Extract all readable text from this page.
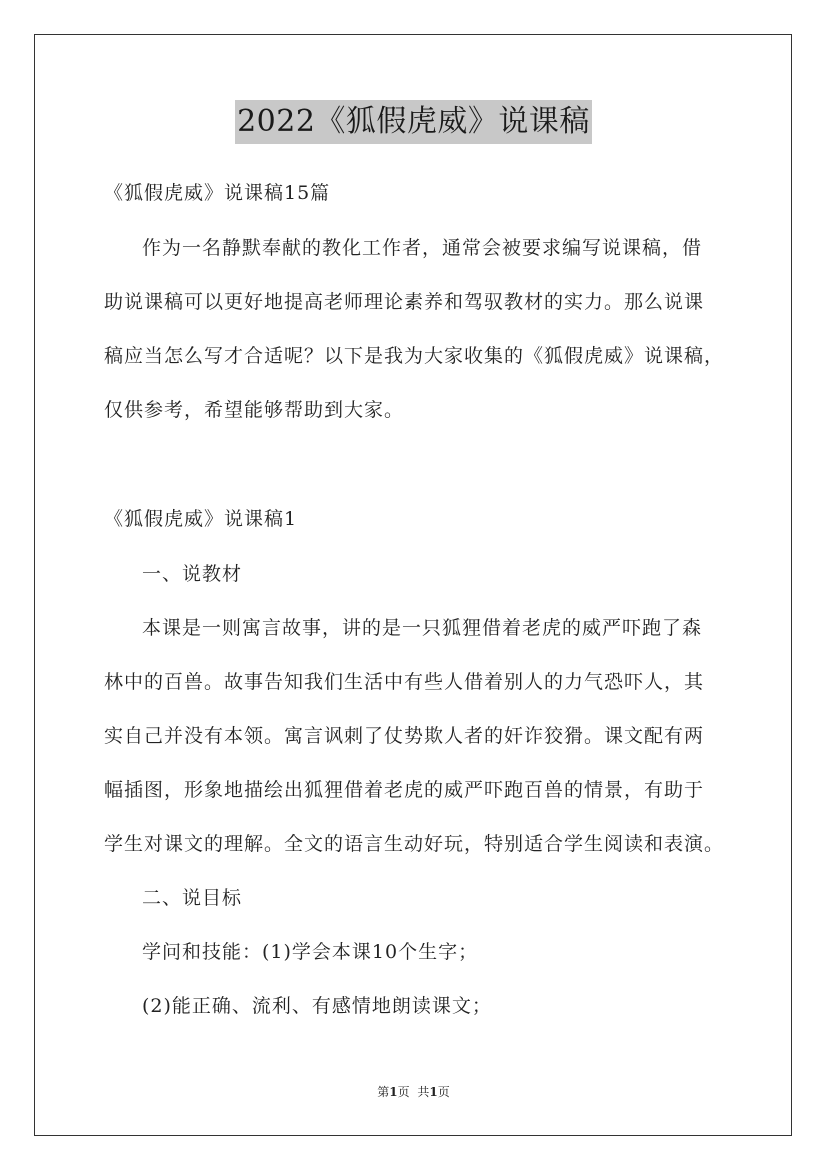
2022《狐假虎威》说课稿
《狐假虎威》说课稿15篇
作为一名静默奉献的教化工作者，通常会被要求编写说课稿，借
助说课稿可以更好地提高老师理论素养和驾驭教材的实力。那么说课
稿应当怎么写才合适呢？以下是我为大家收集的《狐假虎威》说课稿，
仅供参考，希望能够帮助到大家。
《狐假虎威》说课稿1
一、说教材
本课是一则寓言故事，讲的是一只狐狸借着老虎的威严吓跑了森
林中的百兽。故事告知我们生活中有些人借着别人的力气恐吓人，其
实自己并没有本领。寓言讽刺了仗势欺人者的奸诈狡猾。课文配有两
幅插图，形象地描绘出狐狸借着老虎的威严吓跑百兽的情景，有助于
学生对课文的理解。全文的语言生动好玩，特别适合学生阅读和表演。
二、说目标
学问和技能：(1)学会本课10个生字；
(2)能正确、流利、有感情地朗读课文；
第1页 共1页
